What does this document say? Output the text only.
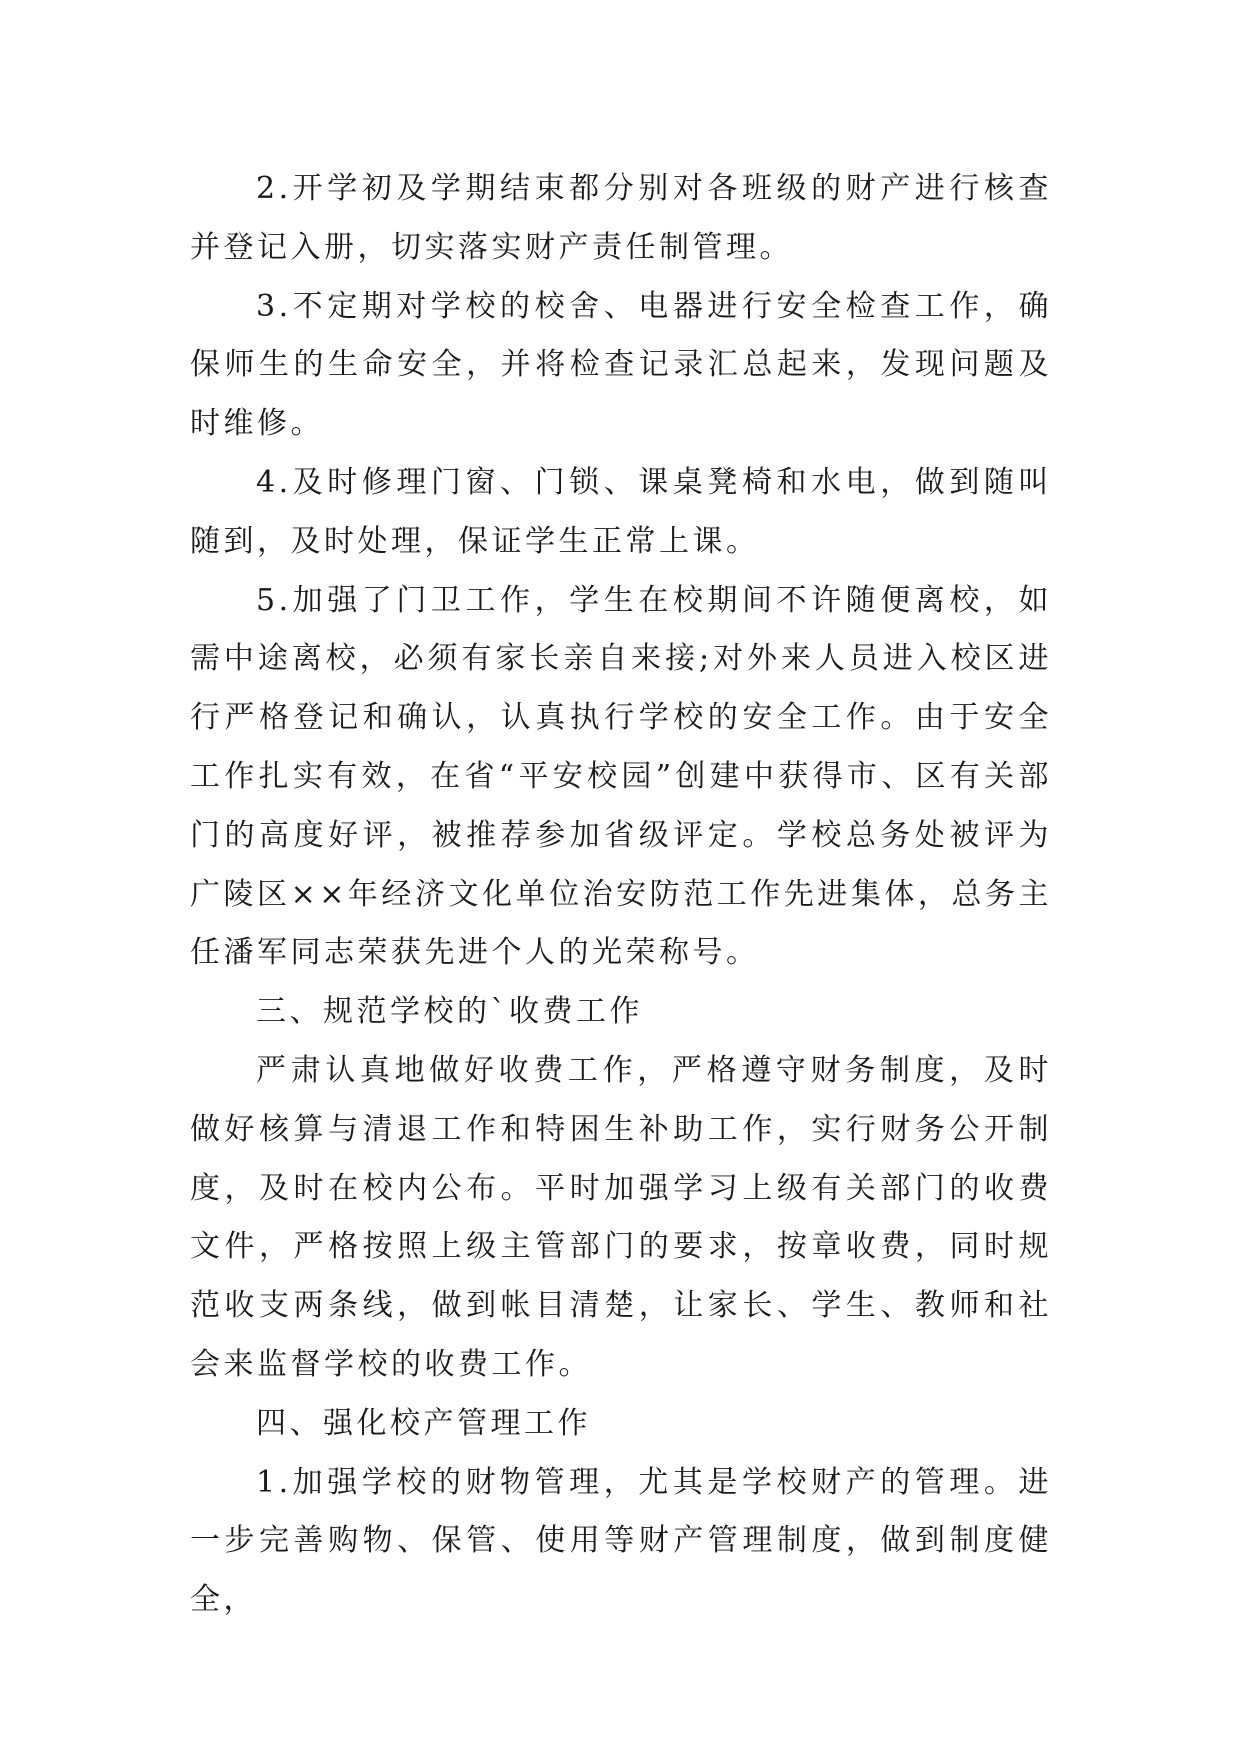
2.开学初及学期结束都分别对各班级的财产进行核查并登记入册，切实落实财产责任制管理。

3.不定期对学校的校舍、电器进行安全检查工作，确保师生的生命安全，并将检查记录汇总起来，发现问题及时维修。

4.及时修理门窗、门锁、课桌凳椅和水电，做到随叫随到，及时处理，保证学生正常上课。

5.加强了门卫工作，学生在校期间不许随便离校，如需中途离校，必须有家长亲自来接;对外来人员进入校区进行严格登记和确认，认真执行学校的安全工作。由于安全工作扎实有效，在省“平安校园”创建中获得市、区有关部门的高度好评，被推荐参加省级评定。学校总务处被评为广陵区××年经济文化单位治安防范工作先进集体，总务主任潘军同志荣获先进个人的光荣称号。

三、规范学校的`收费工作

严肃认真地做好收费工作，严格遵守财务制度，及时做好核算与清退工作和特困生补助工作，实行财务公开制度，及时在校内公布。平时加强学习上级有关部门的收费文件，严格按照上级主管部门的要求，按章收费，同时规范收支两条线，做到帐目清楚，让家长、学生、教师和社会来监督学校的收费工作。

四、强化校产管理工作

1.加强学校的财物管理，尤其是学校财产的管理。进一步完善购物、保管、使用等财产管理制度，做到制度健全，
